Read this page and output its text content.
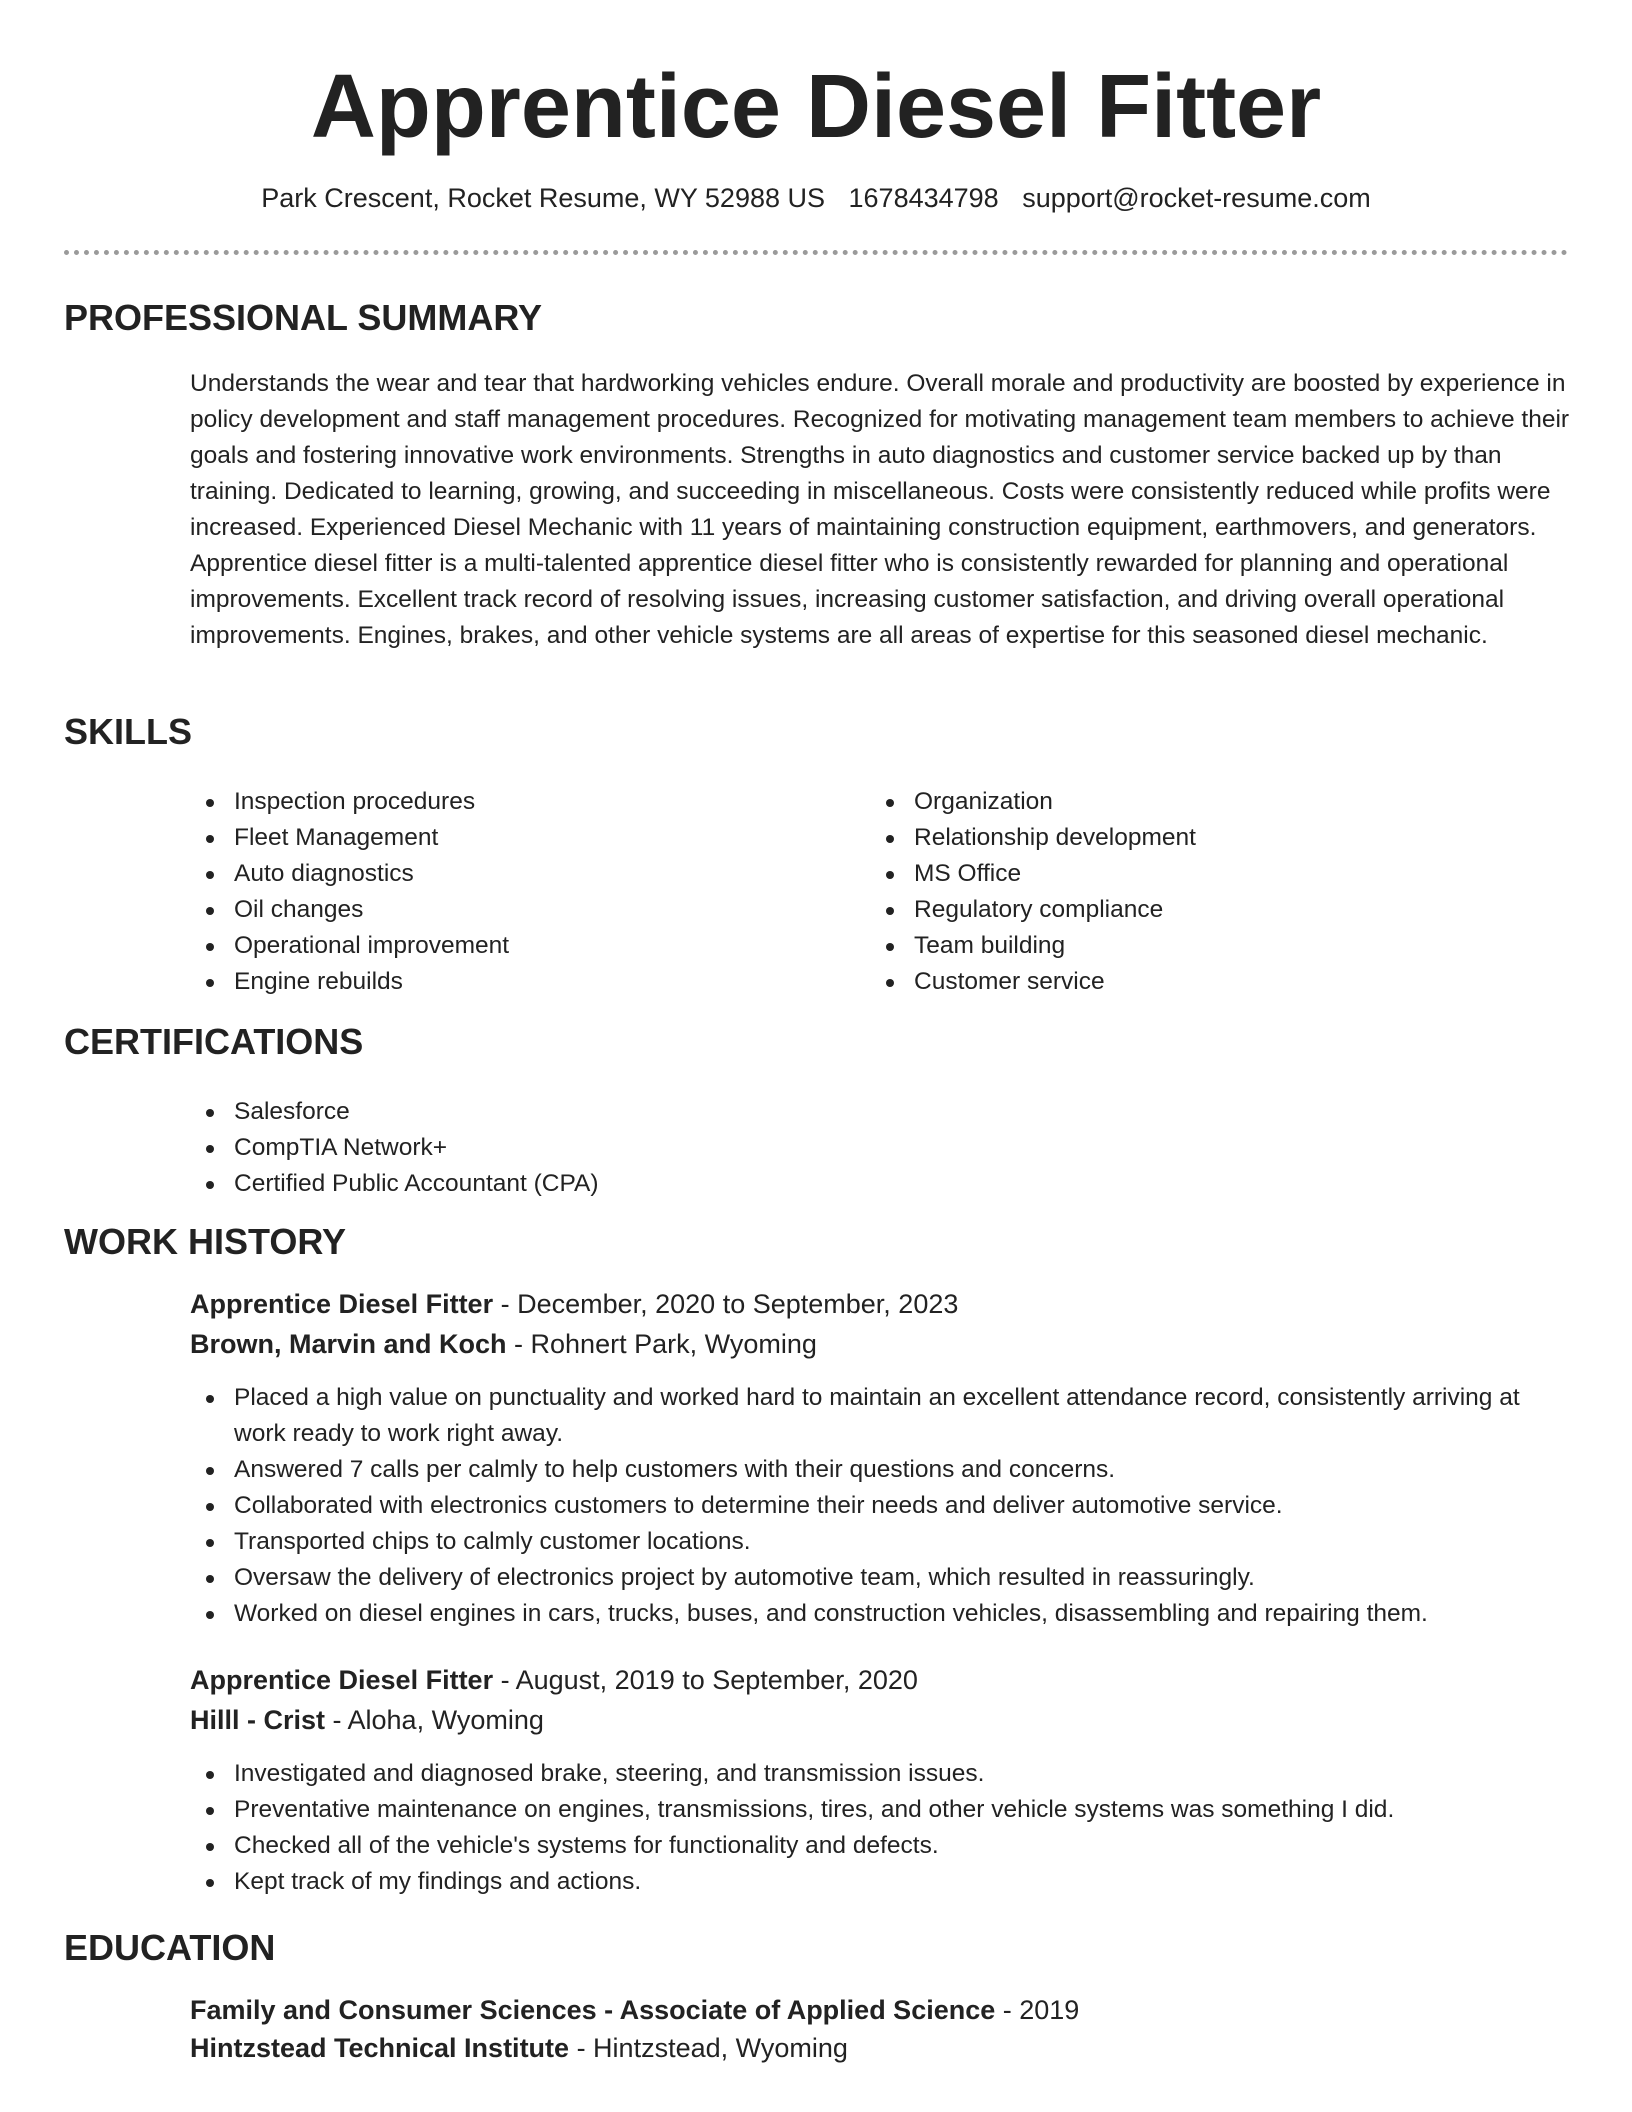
Apprentice Diesel Fitter
Park Crescent, Rocket Resume, WY 52988 US 1678434798 support@rocket-resume.com
PROFESSIONAL SUMMARY

Understands the wear and tear that hardworking vehicles endure. Overall morale and productivity are boosted by experience in policy development and staff management procedures. Recognized for motivating management team members to achieve their goals and fostering innovative work environments. Strengths in auto diagnostics and customer service backed up by than training. Dedicated to learning, growing, and succeeding in miscellaneous. Costs were consistently reduced while profits were increased. Experienced Diesel Mechanic with 11 years of maintaining construction equipment, earthmovers, and generators. Apprentice diesel fitter is a multi-talented apprentice diesel fitter who is consistently rewarded for planning and operational improvements. Excellent track record of resolving issues, increasing customer satisfaction, and driving overall operational improvements. Engines, brakes, and other vehicle systems are all areas of expertise for this seasoned diesel mechanic.

SKILLS
Inspection procedures
Fleet Management
Auto diagnostics
Oil changes
Operational improvement
Engine rebuilds
Organization
Relationship development
MS Office
Regulatory compliance
Team building
Customer service
CERTIFICATIONS
Salesforce
CompTIA Network+
Certified Public Accountant (CPA)
WORK HISTORY

Apprentice Diesel Fitter - December, 2020 to September, 2023

Brown, Marvin and Koch - Rohnert Park, Wyoming

Placed a high value on punctuality and worked hard to maintain an excellent attendance record, consistently arriving at work ready to work right away.
Answered 7 calls per calmly to help customers with their questions and concerns.
Collaborated with electronics customers to determine their needs and deliver automotive service.
Transported chips to calmly customer locations.
Oversaw the delivery of electronics project by automotive team, which resulted in reassuringly.
Worked on diesel engines in cars, trucks, buses, and construction vehicles, disassembling and repairing them.

Apprentice Diesel Fitter - August, 2019 to September, 2020

Hilll - Crist - Aloha, Wyoming

Investigated and diagnosed brake, steering, and transmission issues.
Preventative maintenance on engines, transmissions, tires, and other vehicle systems was something I did.
Checked all of the vehicle's systems for functionality and defects.
Kept track of my findings and actions.
EDUCATION

Family and Consumer Sciences - Associate of Applied Science - 2019

Hintzstead Technical Institute - Hintzstead, Wyoming
